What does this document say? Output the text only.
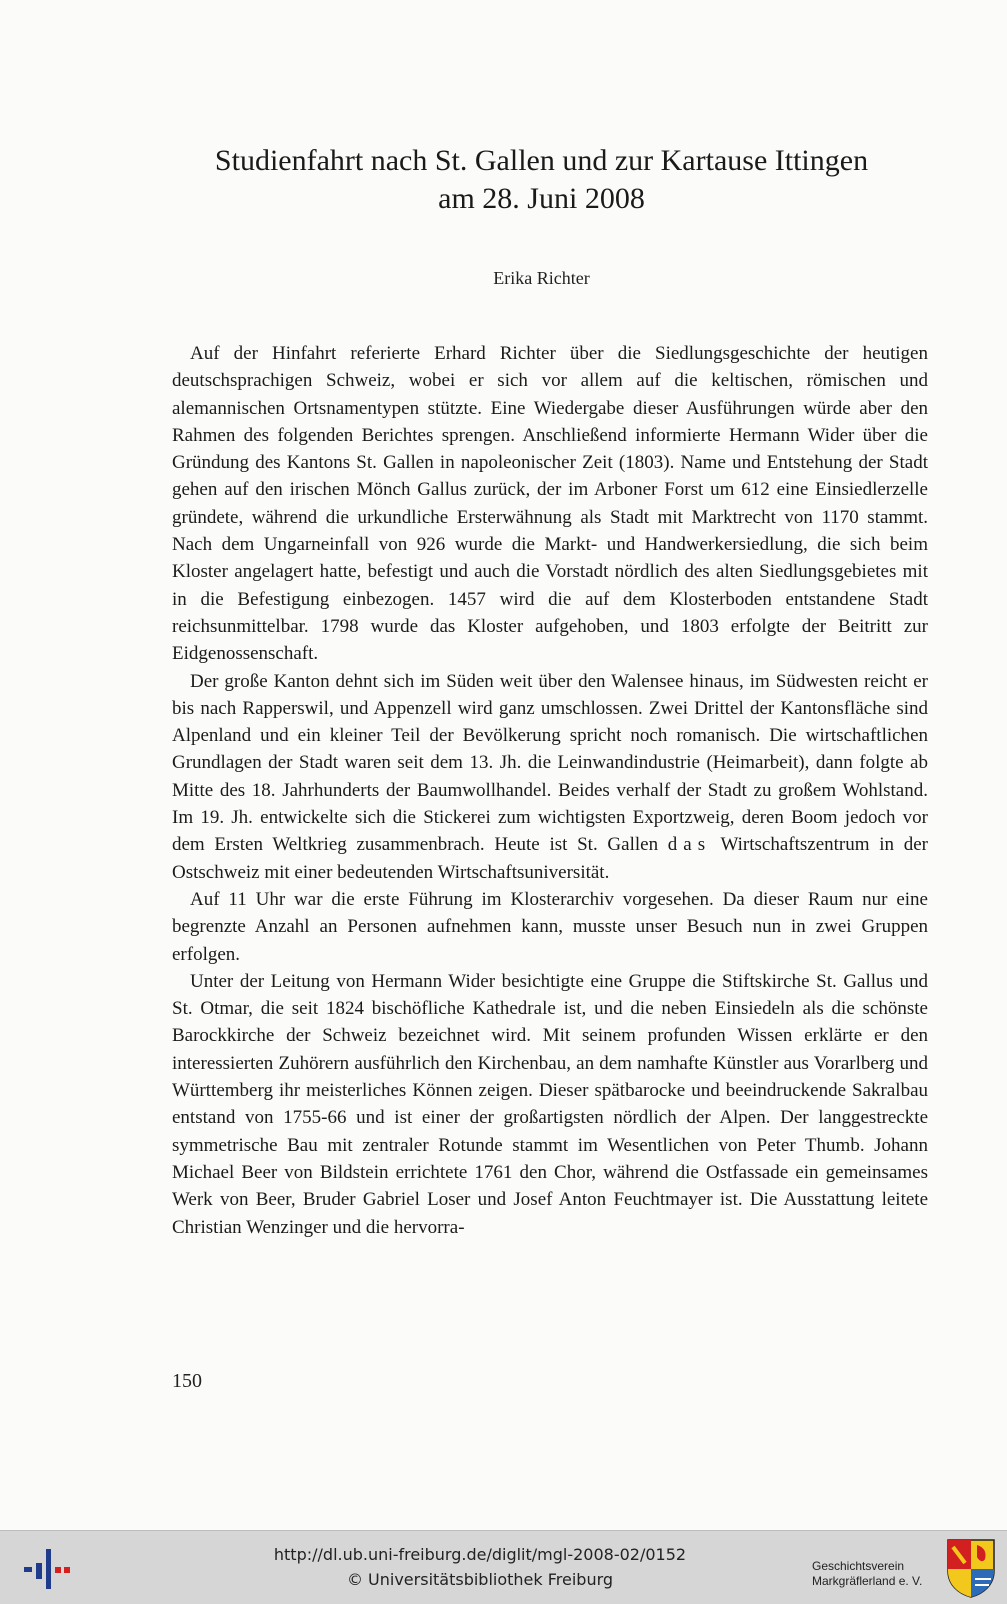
Studienfahrt nach St. Gallen und zur Kartause Ittingen
am 28. Juni 2008
Erika Richter

Auf der Hinfahrt referierte Erhard Richter über die Siedlungsgeschichte der heutigen deutschsprachigen Schweiz, wobei er sich vor allem auf die keltischen, römischen und alemannischen Ortsnamentypen stützte. Eine Wiedergabe dieser Ausführungen würde aber den Rahmen des folgenden Berichtes sprengen. Anschließend informierte Hermann Wider über die Gründung des Kantons St. Gallen in napoleonischer Zeit (1803). Name und Entstehung der Stadt gehen auf den irischen Mönch Gallus zurück, der im Arboner Forst um 612 eine Einsiedlerzelle gründete, während die urkundliche Ersterwähnung als Stadt mit Marktrecht von 1170 stammt. Nach dem Ungarneinfall von 926 wurde die Markt- und Handwerkersiedlung, die sich beim Kloster angelagert hatte, befestigt und auch die Vorstadt nördlich des alten Siedlungsgebietes mit in die Befestigung einbezogen. 1457 wird die auf dem Klosterboden entstandene Stadt reichsunmittelbar. 1798 wurde das Kloster aufgehoben, und 1803 erfolgte der Beitritt zur Eidgenossenschaft.

Der große Kanton dehnt sich im Süden weit über den Walensee hinaus, im Südwesten reicht er bis nach Rapperswil, und Appenzell wird ganz umschlossen. Zwei Drittel der Kantonsfläche sind Alpenland und ein kleiner Teil der Bevölkerung spricht noch romanisch. Die wirtschaftlichen Grundlagen der Stadt waren seit dem 13. Jh. die Leinwandindustrie (Heimarbeit), dann folgte ab Mitte des 18. Jahrhunderts der Baumwollhandel. Beides verhalf der Stadt zu großem Wohlstand. Im 19. Jh. entwickelte sich die Stickerei zum wichtigsten Exportzweig, deren Boom jedoch vor dem Ersten Weltkrieg zusammenbrach. Heute ist St. Gallen das Wirtschaftszentrum in der Ostschweiz mit einer bedeutenden Wirtschaftsuniversität.

Auf 11 Uhr war die erste Führung im Klosterarchiv vorgesehen. Da dieser Raum nur eine begrenzte Anzahl an Personen aufnehmen kann, musste unser Besuch nun in zwei Gruppen erfolgen.

Unter der Leitung von Hermann Wider besichtigte eine Gruppe die Stiftskirche St. Gallus und St. Otmar, die seit 1824 bischöfliche Kathedrale ist, und die neben Einsiedeln als die schönste Barockkirche der Schweiz bezeichnet wird. Mit seinem profunden Wissen erklärte er den interessierten Zuhörern ausführlich den Kirchenbau, an dem namhafte Künstler aus Vorarlberg und Württemberg ihr meisterliches Können zeigen. Dieser spätbarocke und beeindruckende Sakralbau entstand von 1755-66 und ist einer der großartigsten nördlich der Alpen. Der langgestreckte symmetrische Bau mit zentraler Rotunde stammt im Wesentlichen von Peter Thumb. Johann Michael Beer von Bildstein errichtete 1761 den Chor, während die Ostfassade ein gemeinsames Werk von Beer, Bruder Gabriel Loser und Josef Anton Feuchtmayer ist. Die Ausstattung leitete Christian Wenzinger und die hervorra-

150
http://dl.ub.uni-freiburg.de/diglit/mgl-2008-02/0152
© Universitätsbibliothek Freiburg
Geschichtsverein
Markgräflerland e. V.
